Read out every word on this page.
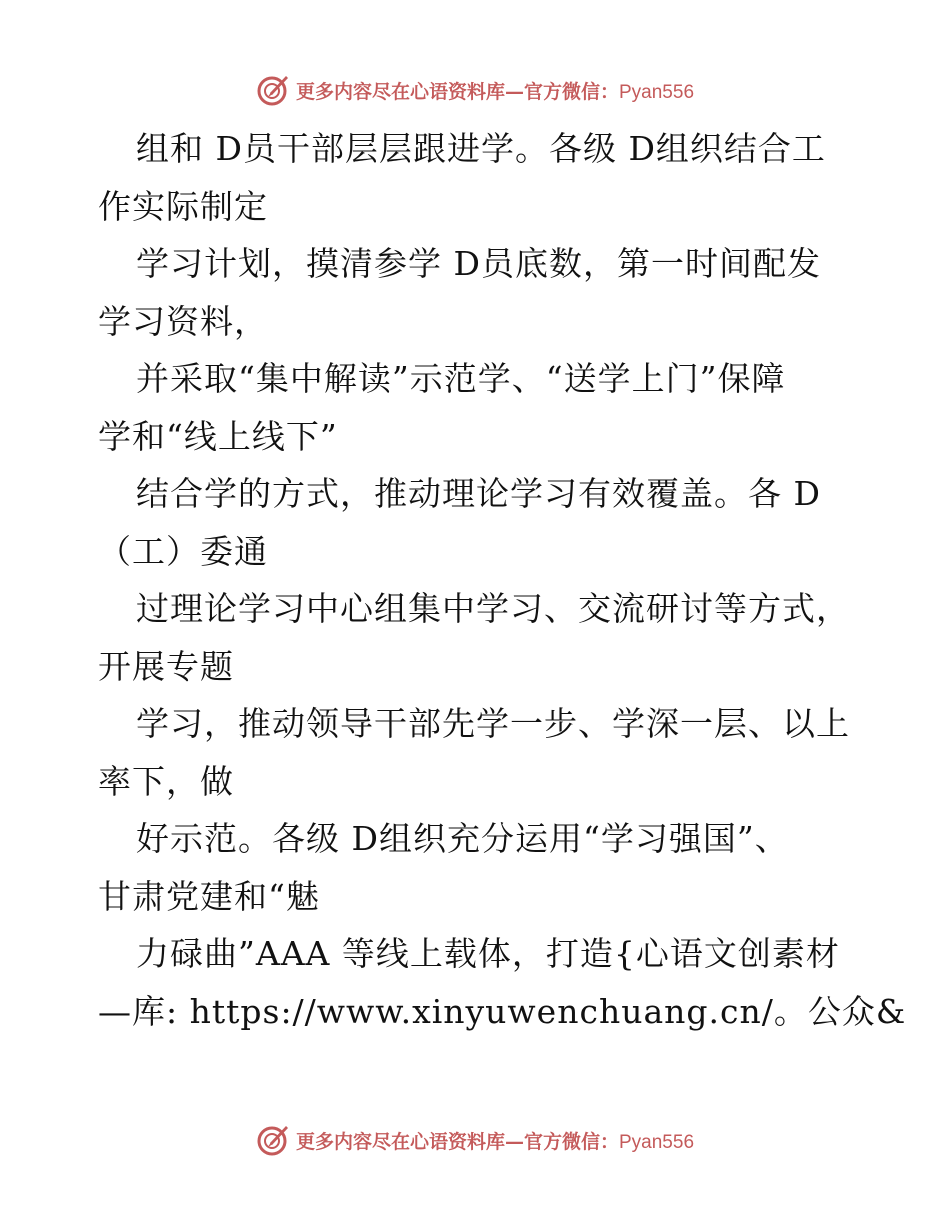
更多内容尽在心语资料库—官方微信：Pyan556
组和 D员干部层层跟进学。各级 D组织结合工
作实际制定
学习计划，摸清参学 D员底数，第一时间配发
学习资料，
并采取“集中解读”示范学、“送学上门”保障
学和“线上线下”
结合学的方式，推动理论学习有效覆盖。各 D
（工）委通
过理论学习中心组集中学习、交流研讨等方式，
开展专题
学习，推动领导干部先学一步、学深一层、以上
率下，做
好示范。各级 D组织充分运用“学习强国”、
甘肃党建和“魅
力碌曲”AAA 等线上载体，打造{心语文创素材
—库: https://www.xinyuwenchuang.cn/。公众&
更多内容尽在心语资料库—官方微信：Pyan556
